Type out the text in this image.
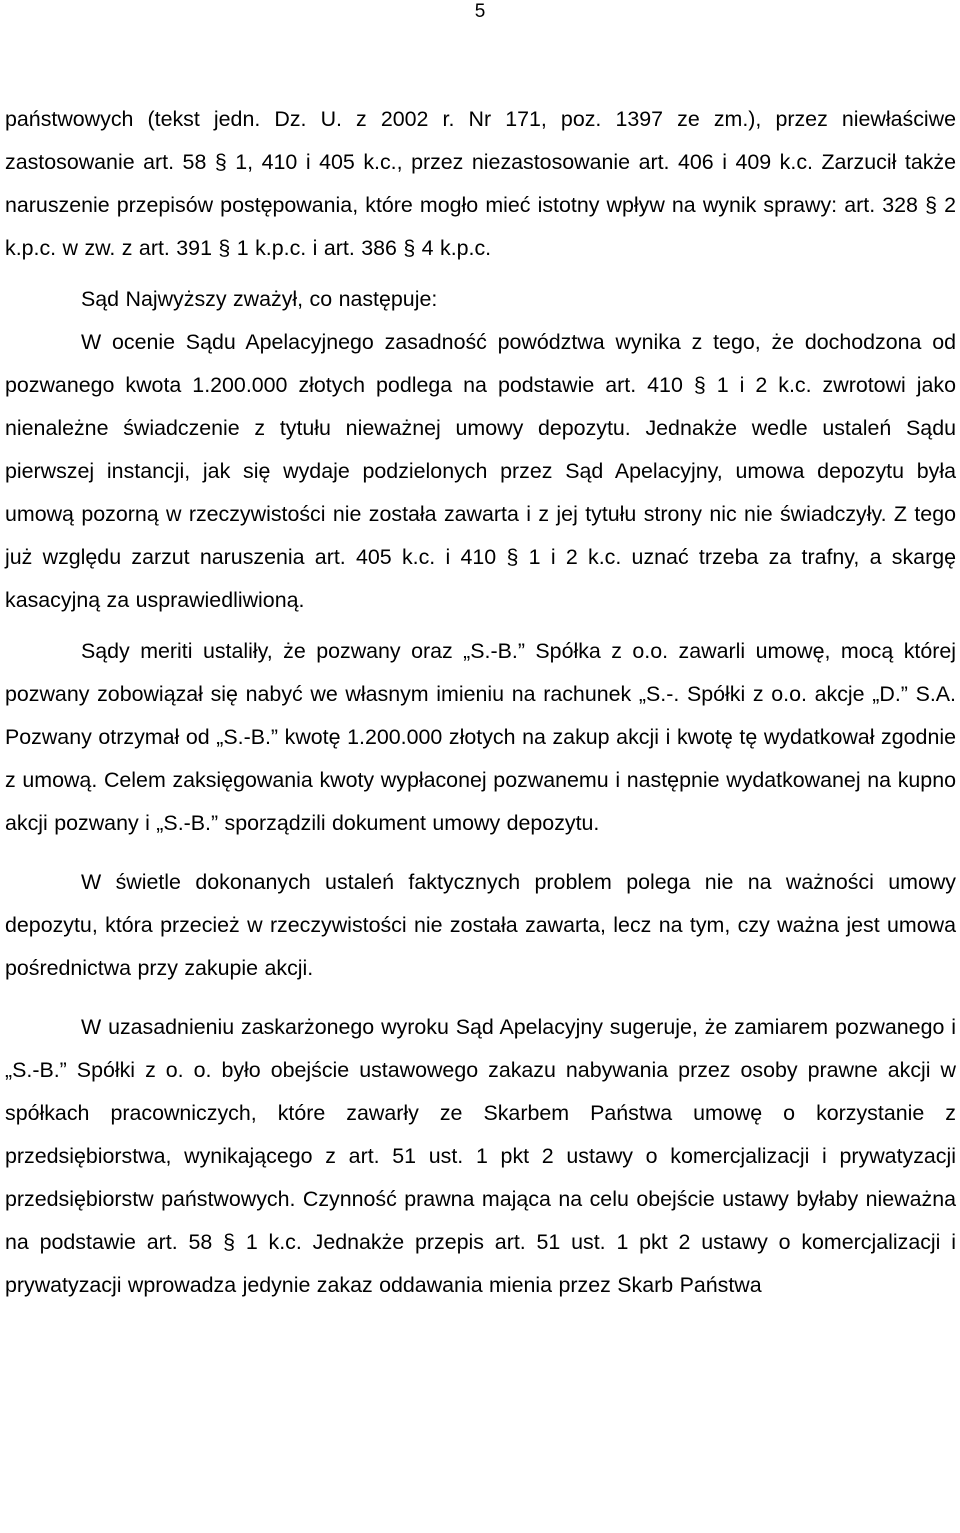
5

państwowych (tekst jedn. Dz. U. z 2002 r. Nr 171, poz. 1397 ze zm.), przez niewłaściwe zastosowanie art. 58 § 1, 410 i 405 k.c., przez niezastosowanie art. 406 i 409 k.c. Zarzucił także naruszenie przepisów postępowania, które mogło mieć istotny wpływ na wynik sprawy: art. 328 § 2 k.p.c. w zw. z art. 391 § 1 k.p.c. i art. 386 § 4 k.p.c.

Sąd Najwyższy zważył, co następuje:

W ocenie Sądu Apelacyjnego zasadność powództwa wynika z tego, że dochodzona od pozwanego kwota 1.200.000 złotych podlega na podstawie art. 410 § 1 i 2 k.c. zwrotowi jako nienależne świadczenie z tytułu nieważnej umowy depozytu. Jednakże wedle ustaleń Sądu pierwszej instancji, jak się wydaje podzielonych przez Sąd Apelacyjny, umowa depozytu była umową pozorną w rzeczywistości nie została zawarta i z jej tytułu strony nic nie świadczyły. Z tego już względu zarzut naruszenia art. 405 k.c. i 410 § 1 i 2 k.c. uznać trzeba za trafny, a skargę kasacyjną za usprawiedliwioną.

Sądy meriti ustaliły, że pozwany oraz „S.-B.” Spółka z o.o. zawarli umowę, mocą której pozwany zobowiązał się nabyć we własnym imieniu na rachunek „S.-. Spółki z o.o. akcje „D.” S.A. Pozwany otrzymał od „S.-B.” kwotę 1.200.000 złotych na zakup akcji i kwotę tę wydatkował zgodnie z umową. Celem zaksięgowania kwoty wypłaconej pozwanemu i następnie wydatkowanej na kupno akcji pozwany i „S.-B.” sporządzili dokument umowy depozytu.

W świetle dokonanych ustaleń faktycznych problem polega nie na ważności umowy depozytu, która przecież w rzeczywistości nie została zawarta, lecz na tym, czy ważna jest umowa pośrednictwa przy zakupie akcji.

W uzasadnieniu zaskarżonego wyroku Sąd Apelacyjny sugeruje, że zamiarem pozwanego i „S.-B.” Spółki z o. o. było obejście ustawowego zakazu nabywania przez osoby prawne akcji w spółkach pracowniczych, które zawarły ze Skarbem Państwa umowę o korzystanie z przedsiębiorstwa, wynikającego z art. 51 ust. 1 pkt 2 ustawy o komercjalizacji i prywatyzacji przedsiębiorstw państwowych. Czynność prawna mająca na celu obejście ustawy byłaby nieważna na podstawie art. 58 § 1 k.c. Jednakże przepis art. 51 ust. 1 pkt 2 ustawy o komercjalizacji i prywatyzacji wprowadza jedynie zakaz oddawania mienia przez Skarb Państwa
